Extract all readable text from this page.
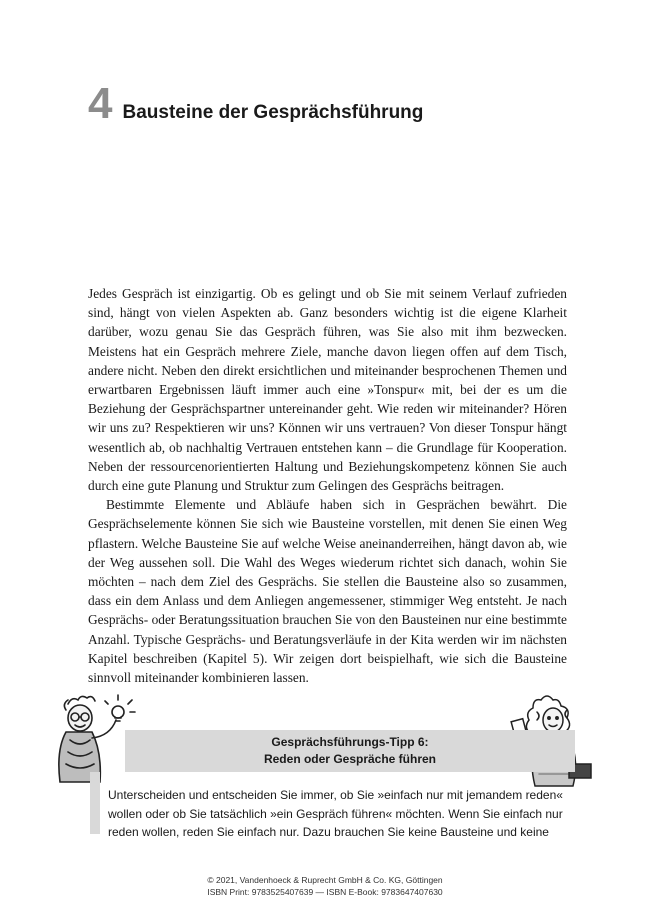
4 Bausteine der Gesprächsführung

Jedes Gespräch ist einzigartig. Ob es gelingt und ob Sie mit seinem Verlauf zufrieden sind, hängt von vielen Aspekten ab. Ganz besonders wichtig ist die eigene Klarheit darüber, wozu genau Sie das Gespräch führen, was Sie also mit ihm bezwecken. Meistens hat ein Gespräch mehrere Ziele, manche davon liegen offen auf dem Tisch, andere nicht. Neben den direkt ersichtlichen und miteinander besprochenen Themen und erwartbaren Ergebnissen läuft immer auch eine »Tonspur« mit, bei der es um die Beziehung der Gesprächspartner untereinander geht. Wie reden wir miteinander? Hören wir uns zu? Respektieren wir uns? Können wir uns vertrauen? Von dieser Tonspur hängt wesentlich ab, ob nachhaltig Vertrauen entstehen kann – die Grundlage für Kooperation. Neben der ressourcenorientierten Haltung und Beziehungskompetenz können Sie auch durch eine gute Planung und Struktur zum Gelingen des Gesprächs beitragen.

Bestimmte Elemente und Abläufe haben sich in Gesprächen bewährt. Die Gesprächselemente können Sie sich wie Bausteine vorstellen, mit denen Sie einen Weg pflastern. Welche Bausteine Sie auf welche Weise aneinanderreihen, hängt davon ab, wie der Weg aussehen soll. Die Wahl des Weges wiederum richtet sich danach, wohin Sie möchten – nach dem Ziel des Gesprächs. Sie stellen die Bausteine also so zusammen, dass ein dem Anlass und dem Anliegen angemessener, stimmiger Weg entsteht. Je nach Gesprächs- oder Beratungssituation brauchen Sie von den Bausteinen nur eine bestimmte Anzahl. Typische Gesprächs- und Beratungsverläufe in der Kita werden wir im nächsten Kapitel beschreiben (Kapitel 5). Wir zeigen dort beispielhaft, wie sich die Bausteine sinnvoll miteinander kombinieren lassen.

Gesprächsführungs-Tipp 6:
Reden oder Gespräche führen

Unterscheiden und entscheiden Sie immer, ob Sie »einfach nur mit jemandem reden« wollen oder ob Sie tatsächlich »ein Gespräch führen« möchten. Wenn Sie einfach nur reden wollen, reden Sie einfach nur. Dazu brauchen Sie keine Bausteine und keine

© 2021, Vandenhoeck & Ruprecht GmbH & Co. KG, Göttingen
ISBN Print: 9783525407639 — ISBN E-Book: 9783647407630
